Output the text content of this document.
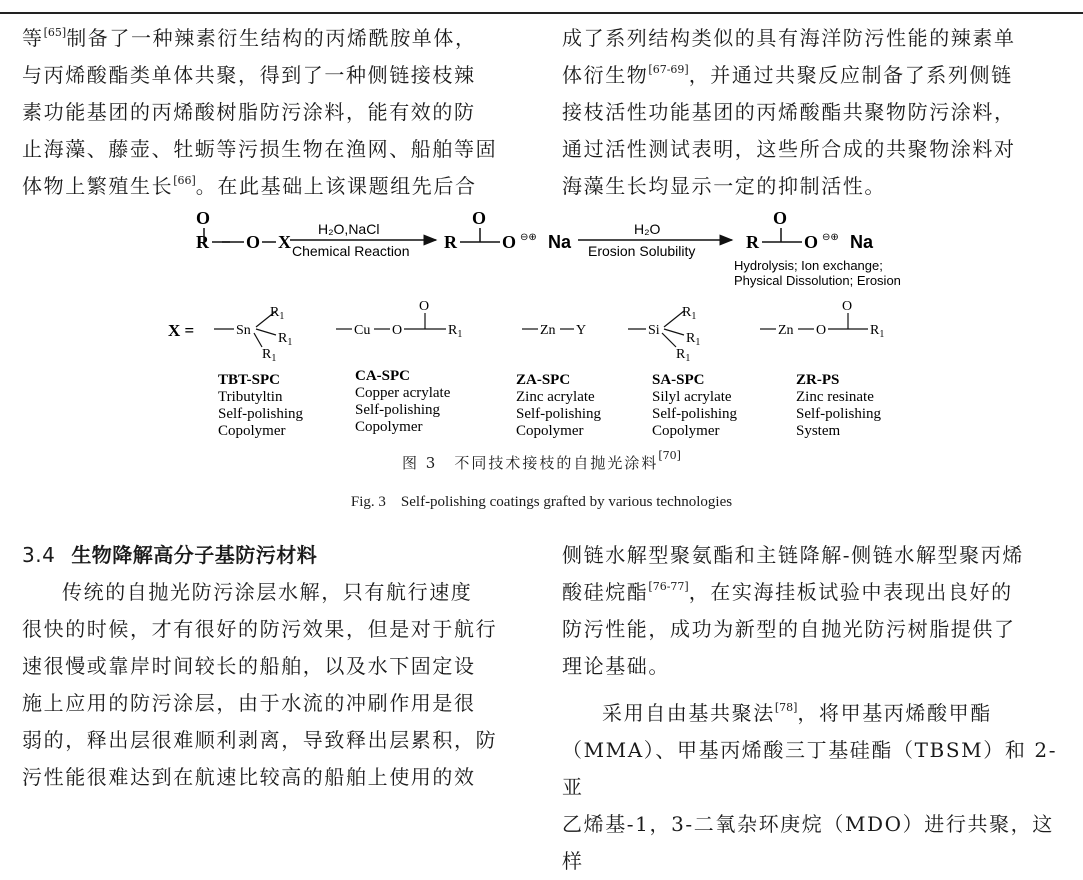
等[65]制备了一种辣素衍生结构的丙烯酰胺单体，

与丙烯酸酯类单体共聚，得到了一种侧链接枝辣

素功能基团的丙烯酸树脂防污涂料，能有效的防

止海藻、藤壶、牡蛎等污损生物在渔网、船舶等固

体物上繁殖生长[66]。在此基础上该课题组先后合

成了系列结构类似的具有海洋防污性能的辣素单

体衍生物[67-69]，并通过共聚反应制备了系列侧链

接枝活性功能基团的丙烯酸酯共聚物防污涂料，

通过活性测试表明，这些所合成的共聚物涂料对

海藻生长均显示一定的抑制活性。

R
O
O X
H₂O,NaCl
Chemical Reaction R
O
O ⊖⊕ Na
H₂O
Erosion Solubility	R
O
O ⊖⊕ Na
Hydrolysis; Ion exchange;
Physical Dissolution; Erosion
X =	Sn
$R_1$
$R_1$
$R_1$
Cu O
O
$R_1$	Zn Y	Si
$R_1$
$R_1$
$R_1$
Zn O
O
$R_1$
TBT-SPC
Tributyltin
Self-polishing
Copolymer
CA-SPC
Copper acrylate
Self-polishing
Copolymer
ZA-SPC
Zinc acrylate
Self-polishing
Copolymer
SA-SPC
Silyl acrylate
Self-polishing
Copolymer
ZR-PS
Zinc resinate
Self-polishing
System
图 3　不同技术接枝的自抛光涂料[70]
Fig. 3　Self-polishing coatings grafted by various technologies

3.4 生物降解高分子基防污材料

传统的自抛光防污涂层水解，只有航行速度

很快的时候，才有很好的防污效果，但是对于航行

速很慢或靠岸时间较长的船舶，以及水下固定设

施上应用的防污涂层，由于水流的冲刷作用是很

弱的，释出层很难顺利剥离，导致释出层累积，防

污性能很难达到在航速比较高的船舶上使用的效

侧链水解型聚氨酯和主链降解-侧链水解型聚丙烯

酸硅烷酯[76-77]，在实海挂板试验中表现出良好的

防污性能，成功为新型的自抛光防污树脂提供了

理论基础。

采用自由基共聚法[78]，将甲基丙烯酸甲酯

（MMA）、甲基丙烯酸三丁基硅酯（TBSM）和 2-亚

乙烯基-1，3-二氧杂环庚烷（MDO）进行共聚，这样
